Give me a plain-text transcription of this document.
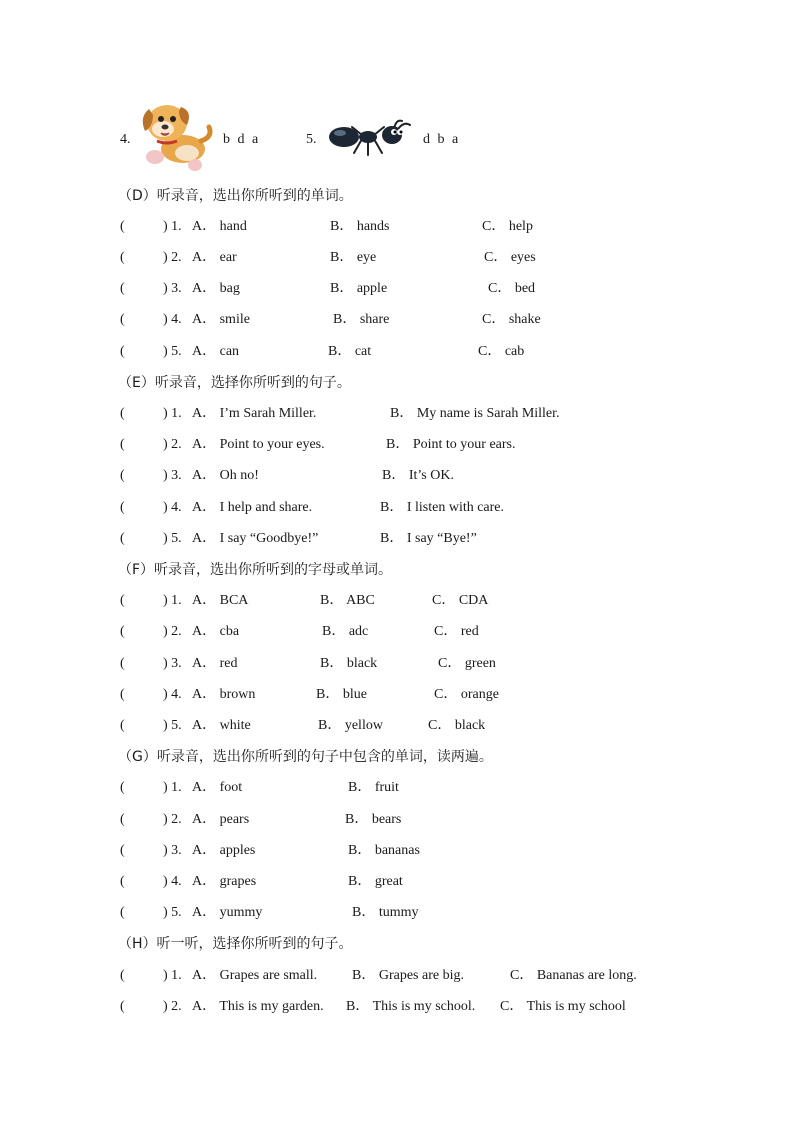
4.	b d a	5.	d b a
（D）听录音，选出你所听到的单词。
(	) 1. A． hand	B． hands	C． help
(	) 2. A． ear	B． eye	C． eyes
(	) 3. A． bag	B． apple	C． bed
(	) 4. A． smile	B． share	C． shake
(	) 5. A． can	B． cat	C． cab
（E）听录音，选择你所听到的句子。
(	) 1. A． I’m Sarah Miller.	B． My name is Sarah Miller.
(	) 2. A． Point to your eyes.	B． Point to your ears.
(	) 3. A． Oh no!	B． It’s OK.
(	) 4. A． I help and share.	B． I listen with care.
(	) 5. A． I say “Goodbye!”	B． I say “Bye!”
（F）听录音，选出你所听到的字母或单词。
(	) 1. A． BCA	B． ABC	C． CDA
(	) 2. A． cba	B． adc	C． red
(	) 3. A． red	B． black	C． green
(	) 4. A． brown	B． blue	C． orange
(	) 5. A． white	B． yellow	C． black
（G）听录音，选出你所听到的句子中包含的单词，读两遍。
(	) 1. A． foot	B． fruit
(	) 2. A． pears	B． bears
(	) 3. A． apples	B． bananas
(	) 4. A． grapes	B． great
(	) 5. A． yummy	B． tummy
（H）听一听，选择你所听到的句子。
(	) 1. A． Grapes are small. B． Grapes are big.	C． Bananas are long.
(	) 2. A． This is my garden. B． This is my school. C． This is my school
